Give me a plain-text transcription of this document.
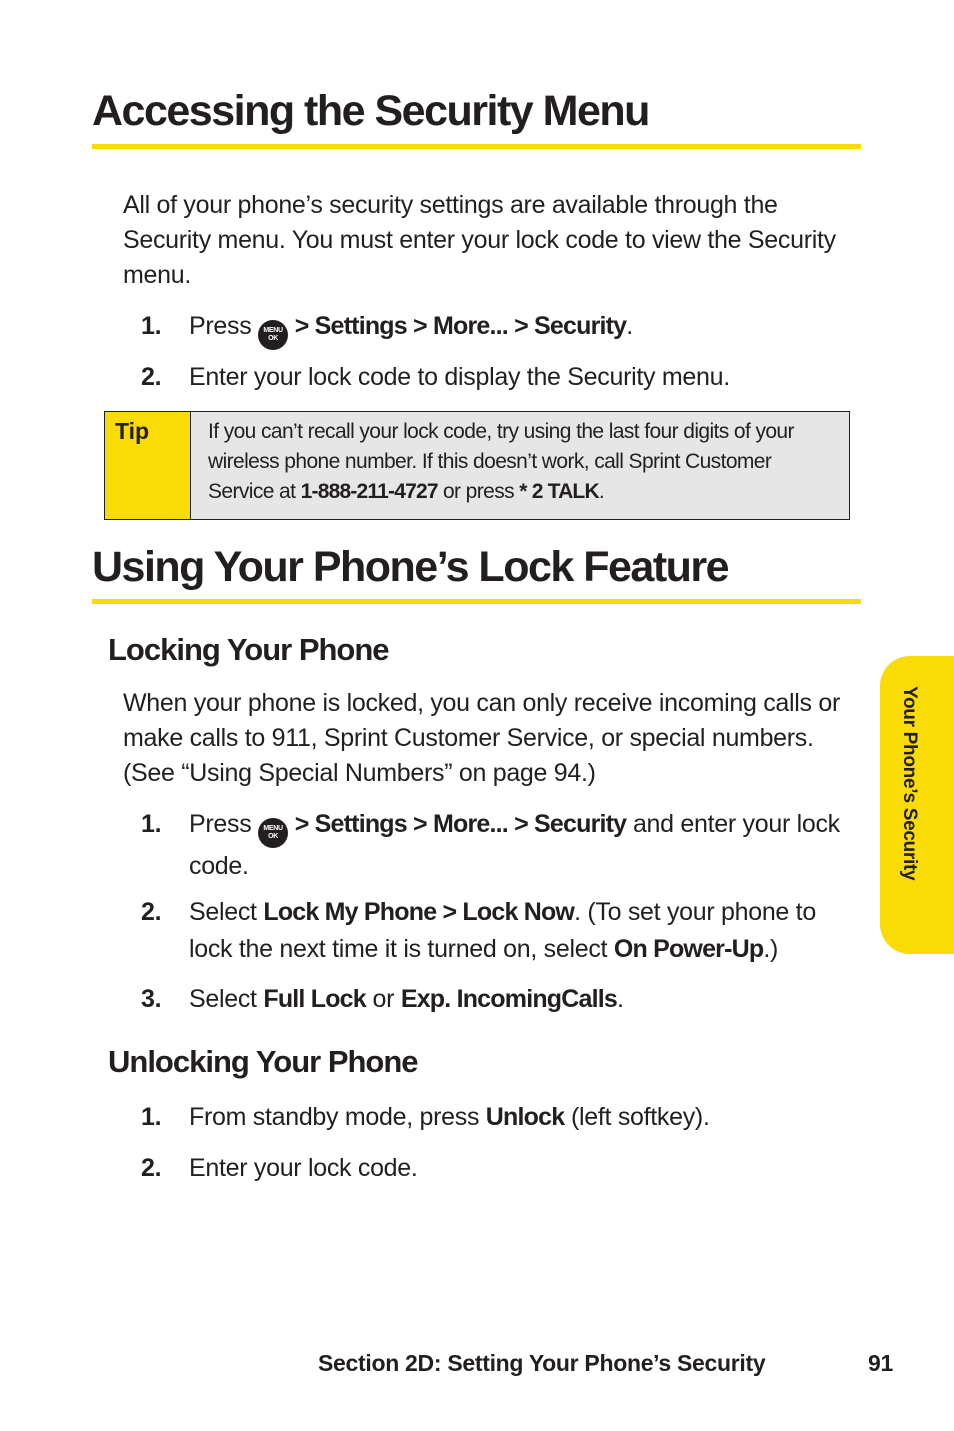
Accessing the Security Menu

All of your phone’s security settings are available through the Security menu. You must enter your lock code to view the Security menu.

1. Press	MENU
OK > Settings > More... > Security.
2. Enter your lock code to display the Security menu.
Tip	If you can’t recall your lock code, try using the last four digits of your wireless phone number. If this doesn’t work, call Sprint Customer Service at 1-888-211-4727 or press * 2 TALK.
Using Your Phone’s Lock Feature
Locking Your Phone

When your phone is locked, you can only receive incoming calls or make calls to 911, Sprint Customer Service, or special numbers. (See “Using Special Numbers” on page 94.)

1. Press	MENU
OK > Settings > More... > Security and enter your lock code.
2. Select Lock My Phone > Lock Now. (To set your phone to lock the next time it is turned on, select On Power-Up.)
3. Select Full Lock or Exp. IncomingCalls.
Unlocking Your Phone
1. From standby mode, press Unlock (left softkey).
2. Enter your lock code.
Your Phone’s Security
Section 2D: Setting Your Phone’s Security	91
